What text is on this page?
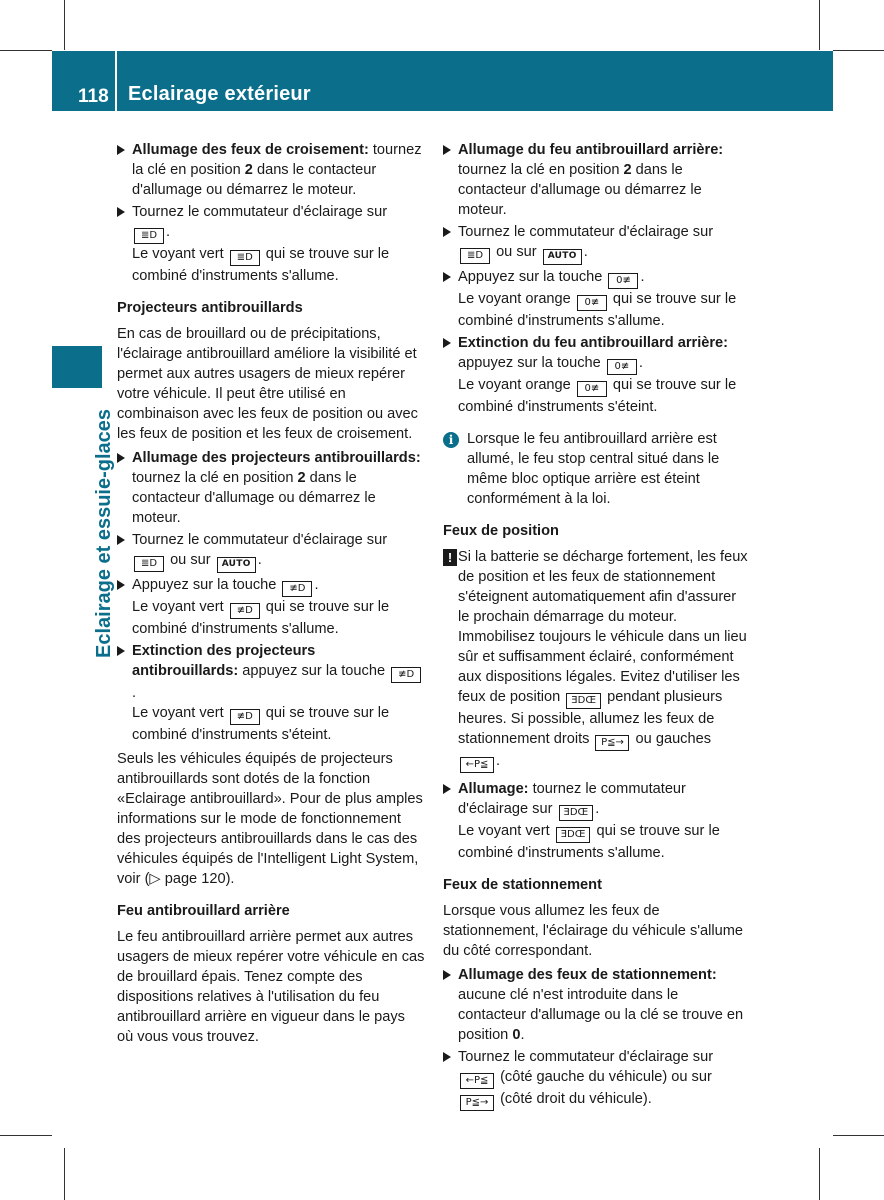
118 Eclairage extérieur
Eclairage et essuie-glaces

Allumage des feux de croisement: tournez la clé en position 2 dans le contacteur d'allumage ou démarrez le moteur.

Tournez le commutateur d'éclairage sur
≣D .
Le voyant vert ≣D qui se trouve sur le combiné d'instruments s'allume.

Projecteurs antibrouillards
En cas de brouillard ou de précipitations, l'éclairage antibrouillard améliore la visibilité et permet aux autres usagers de mieux repérer votre véhicule. Il peut être utilisé en combinaison avec les feux de position ou avec les feux de position et les feux de croisement.

Allumage des projecteurs antibrouillards: tournez la clé en position 2 dans le contacteur d'allumage ou démarrez le moteur.

Tournez le commutateur d'éclairage sur
≣D ou sur AUTO .

Appuyez sur la touche ≢D .
Le voyant vert ≢D qui se trouve sur le combiné d'instruments s'allume.

Extinction des projecteurs antibrouillards: appuyez sur la touche ≢D.
Le voyant vert ≢D qui se trouve sur le combiné d'instruments s'éteint.

Seuls les véhicules équipés de projecteurs antibrouillards sont dotés de la fonction «Eclairage antibrouillard». Pour de plus amples informations sur le mode de fonctionnement des projecteurs antibrouillards dans le cas des véhicules équipés de l'Intelligent Light System, voir (▷ page 120).
Feu antibrouillard arrière
Le feu antibrouillard arrière permet aux autres usagers de mieux repérer votre véhicule en cas de brouillard épais. Tenez compte des dispositions relatives à l'utilisation du feu antibrouillard arrière en vigueur dans le pays où vous vous trouvez.

Allumage du feu antibrouillard arrière: tournez la clé en position 2 dans le contacteur d'allumage ou démarrez le moteur.

Tournez le commutateur d'éclairage sur
≣D ou sur AUTO .

Appuyez sur la touche 0≢ .
Le voyant orange 0≢ qui se trouve sur le combiné d'instruments s'allume.

Extinction du feu antibrouillard arrière: appuyez sur la touche 0≢ .
Le voyant orange 0≢ qui se trouve sur le combiné d'instruments s'éteint.

i Lorsque le feu antibrouillard arrière est allumé, le feu stop central situé dans le même bloc optique arrière est éteint conformément à la loi.

Feux de position
! Si la batterie se décharge fortement, les feux de position et les feux de stationnement s'éteignent automatiquement afin d'assurer le prochain démarrage du moteur. Immobilisez toujours le véhicule dans un lieu sûr et suffisamment éclairé, conformément aux dispositions légales. Evitez d'utiliser les feux de position ƎDŒ pendant plusieurs heures. Si possible, allumez les feux de stationnement droits P≦→ ou gauches ←P≦ .

Allumage: tournez le commutateur d'éclairage sur ƎDŒ .
Le voyant vert ƎDŒ qui se trouve sur le combiné d'instruments s'allume.

Feux de stationnement
Lorsque vous allumez les feux de stationnement, l'éclairage du véhicule s'allume du côté correspondant.

Allumage des feux de stationnement: aucune clé n'est introduite dans le contacteur d'allumage ou la clé se trouve en position 0.

Tournez le commutateur d'éclairage sur
←P≦ (côté gauche du véhicule) ou sur
P≦→ (côté droit du véhicule).
